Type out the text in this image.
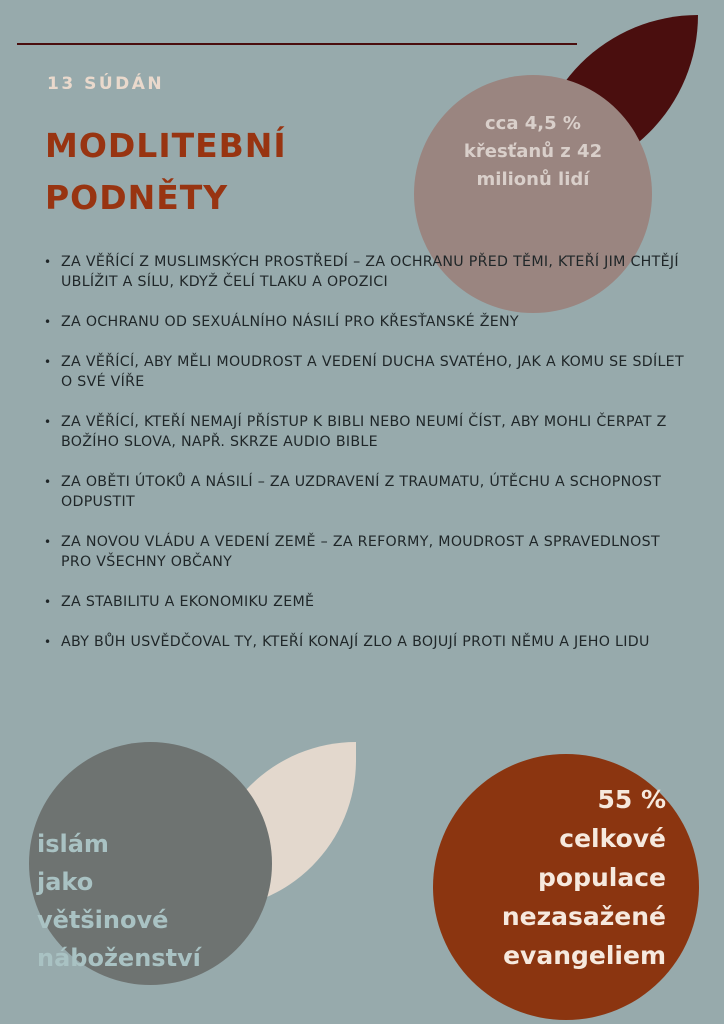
cca 4,5 %
křesťanů z 42
milionů lidí

13 SÚDÁN

MODLITEBNÍ
PODNĚTY
• ZA VĚŘÍCÍ Z MUSLIMSKÝCH PROSTŘEDÍ – ZA OCHRANU PŘED TĚMI, KTEŘÍ JIM CHTĚJÍ UBLÍŽIT A SÍLU, KDYŽ ČELÍ TLAKU A OPOZICI
• ZA OCHRANU OD SEXUÁLNÍHO NÁSILÍ PRO KŘESŤANSKÉ ŽENY
• ZA VĚŘÍCÍ, ABY MĚLI MOUDROST A VEDENÍ DUCHA SVATÉHO, JAK A KOMU SE SDÍLET O SVÉ VÍŘE
• ZA VĚŘÍCÍ, KTEŘÍ NEMAJÍ PŘÍSTUP K BIBLI NEBO NEUMÍ ČÍST, ABY MOHLI ČERPAT Z BOŽÍHO SLOVA, NAPŘ. SKRZE AUDIO BIBLE
• ZA OBĚTI ÚTOKŮ A NÁSILÍ – ZA UZDRAVENÍ Z TRAUMATU, ÚTĚCHU A SCHOPNOST ODPUSTIT
• ZA NOVOU VLÁDU A VEDENÍ ZEMĚ – ZA REFORMY, MOUDROST A SPRAVEDLNOST PRO VŠECHNY OBČANY
• ZA STABILITU A EKONOMIKU ZEMĚ
• ABY BŮH USVĚDČOVAL TY, KTEŘÍ KONAJÍ ZLO A BOJUJÍ PROTI NĚMU A JEHO LIDU

islám
jako
většinové
náboženství

55 %
celkové
populace
nezasažené
evangeliem
